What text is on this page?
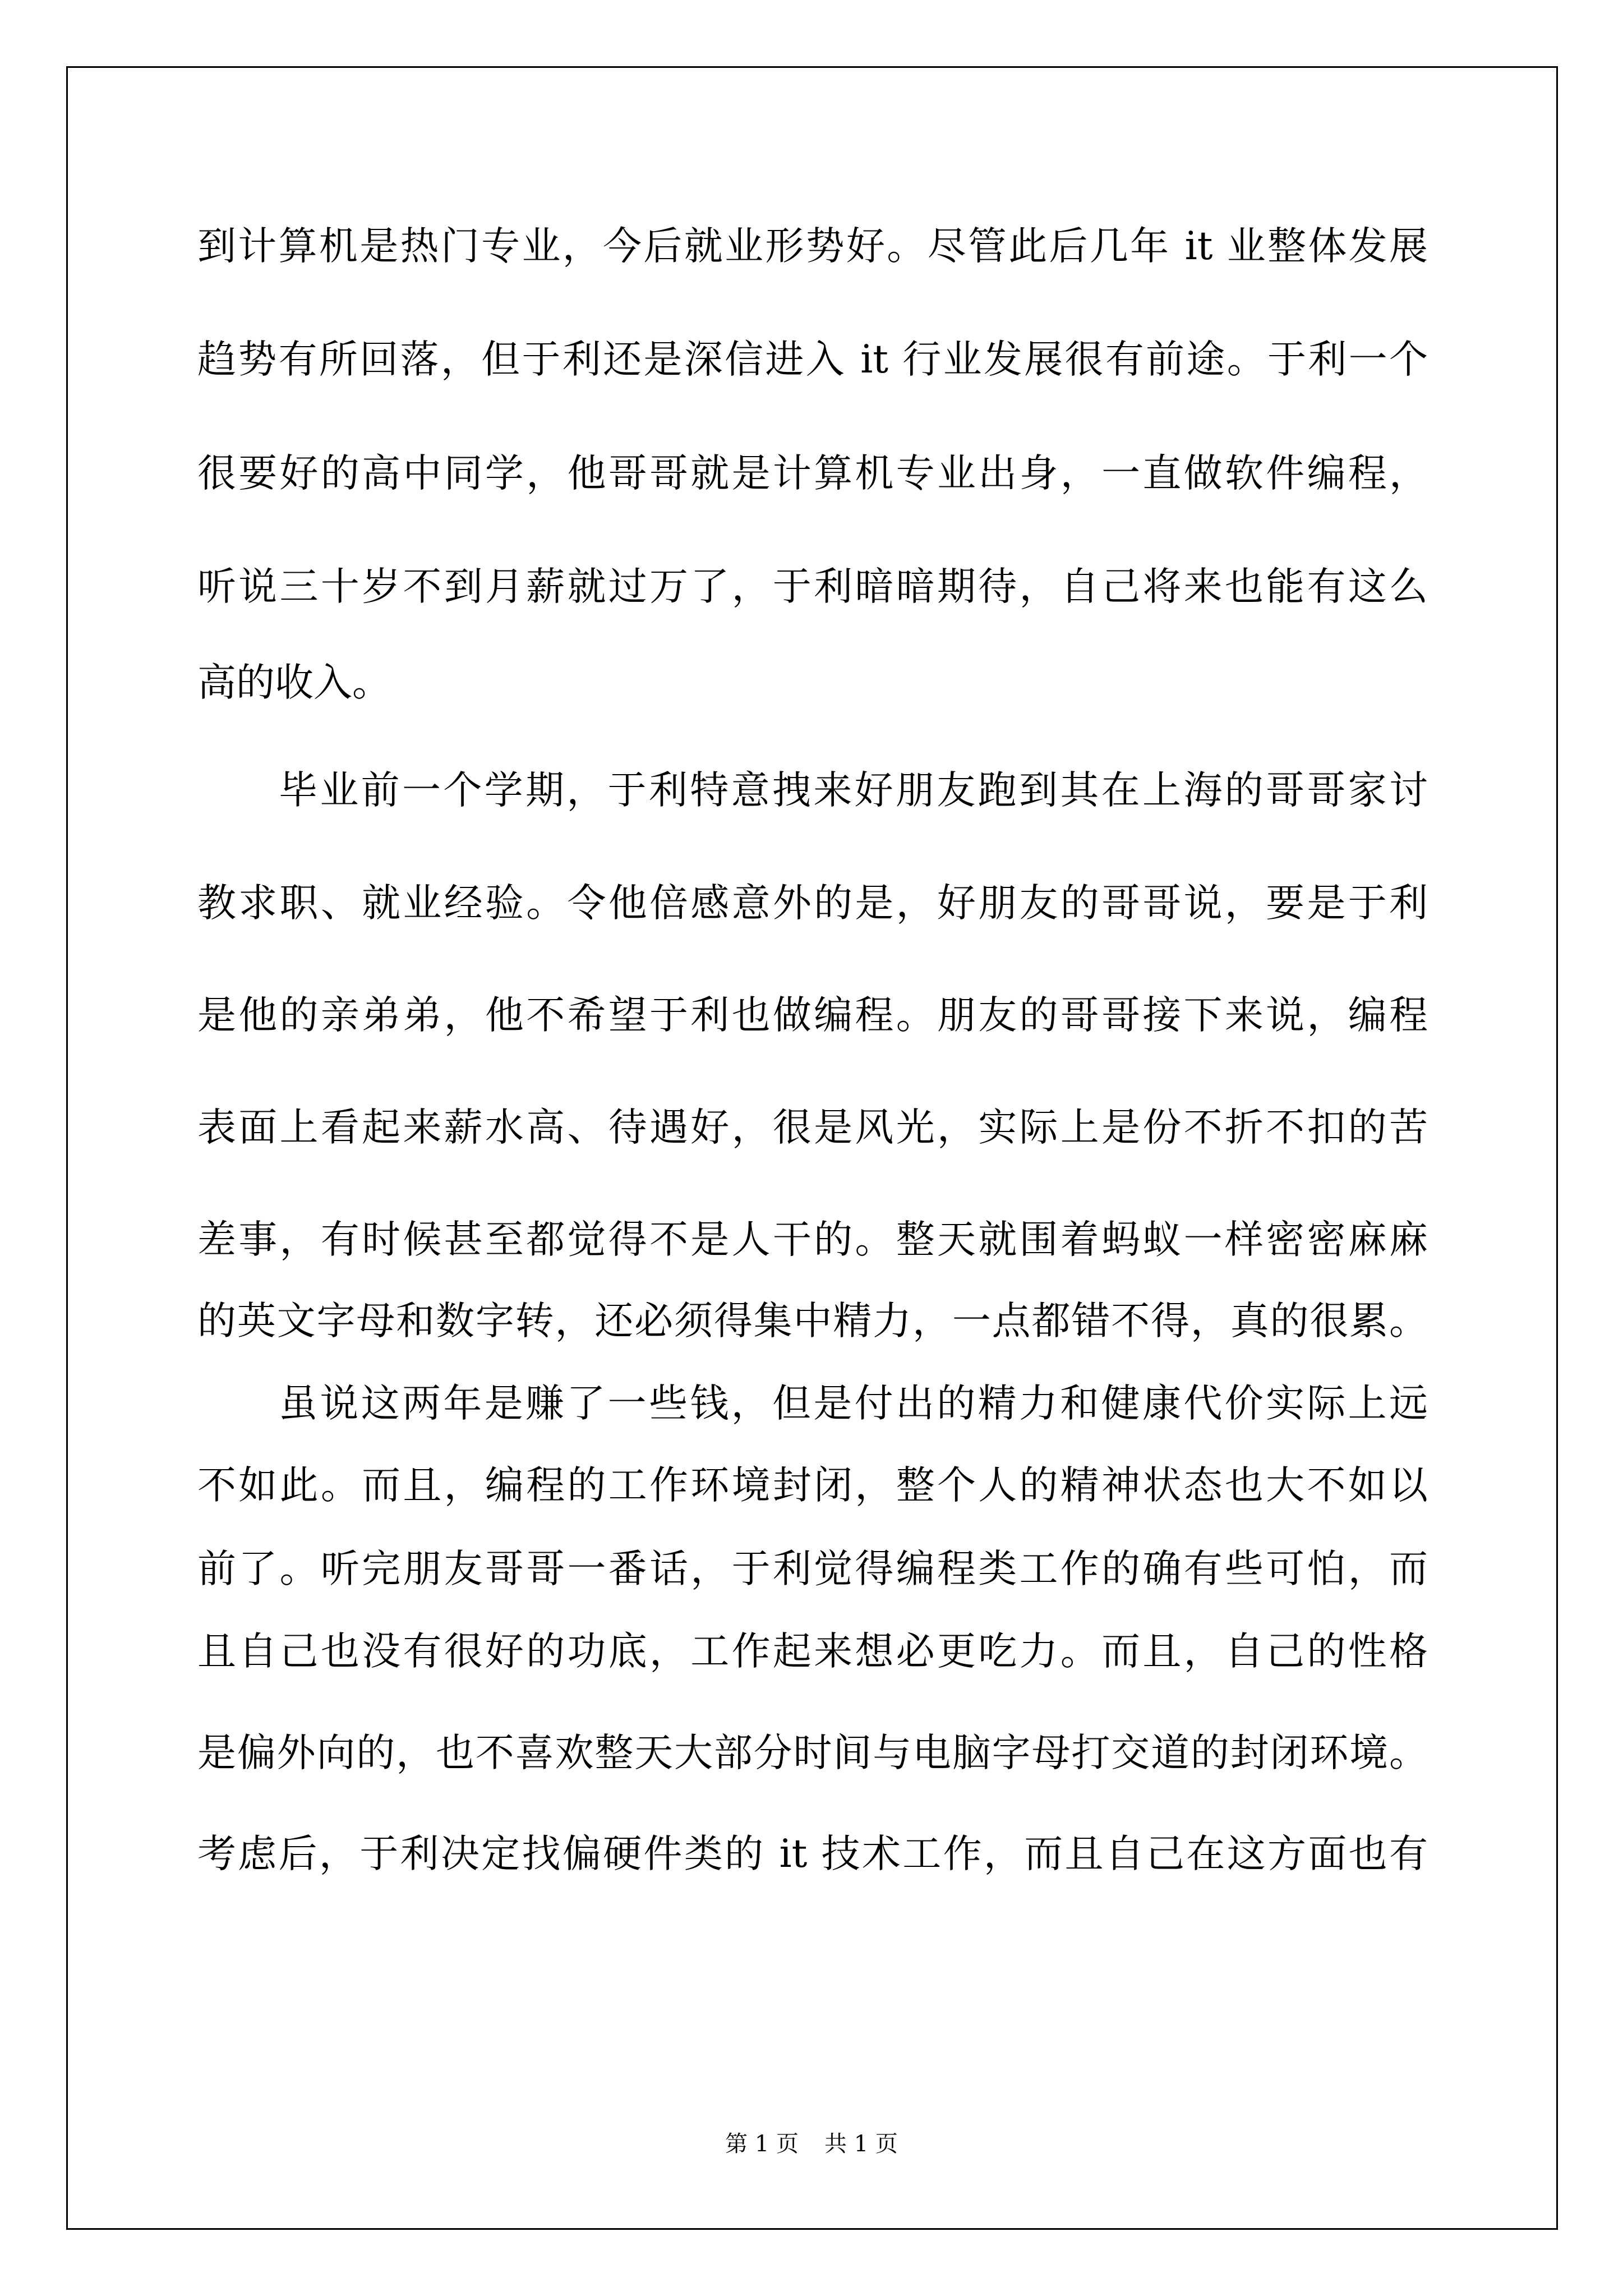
到计算机是热门专业，今后就业形势好。尽管此后几年 it 业整体发展
趋势有所回落，但于利还是深信进入 it 行业发展很有前途。于利一个
很要好的高中同学，他哥哥就是计算机专业出身，一直做软件编程，
听说三十岁不到月薪就过万了，于利暗暗期待，自己将来也能有这么
高的收入。
毕业前一个学期，于利特意拽来好朋友跑到其在上海的哥哥家讨
教求职、就业经验。令他倍感意外的是，好朋友的哥哥说，要是于利
是他的亲弟弟，他不希望于利也做编程。朋友的哥哥接下来说，编程
表面上看起来薪水高、待遇好，很是风光，实际上是份不折不扣的苦
差事，有时候甚至都觉得不是人干的。整天就围着蚂蚁一样密密麻麻
的英文字母和数字转，还必须得集中精力，一点都错不得，真的很累。
虽说这两年是赚了一些钱，但是付出的精力和健康代价实际上远
不如此。而且，编程的工作环境封闭，整个人的精神状态也大不如以
前了。听完朋友哥哥一番话，于利觉得编程类工作的确有些可怕，而
且自己也没有很好的功底，工作起来想必更吃力。而且，自己的性格
是偏外向的，也不喜欢整天大部分时间与电脑字母打交道的封闭环境。
考虑后，于利决定找偏硬件类的 it 技术工作，而且自己在这方面也有
第 1 页 共 1 页
